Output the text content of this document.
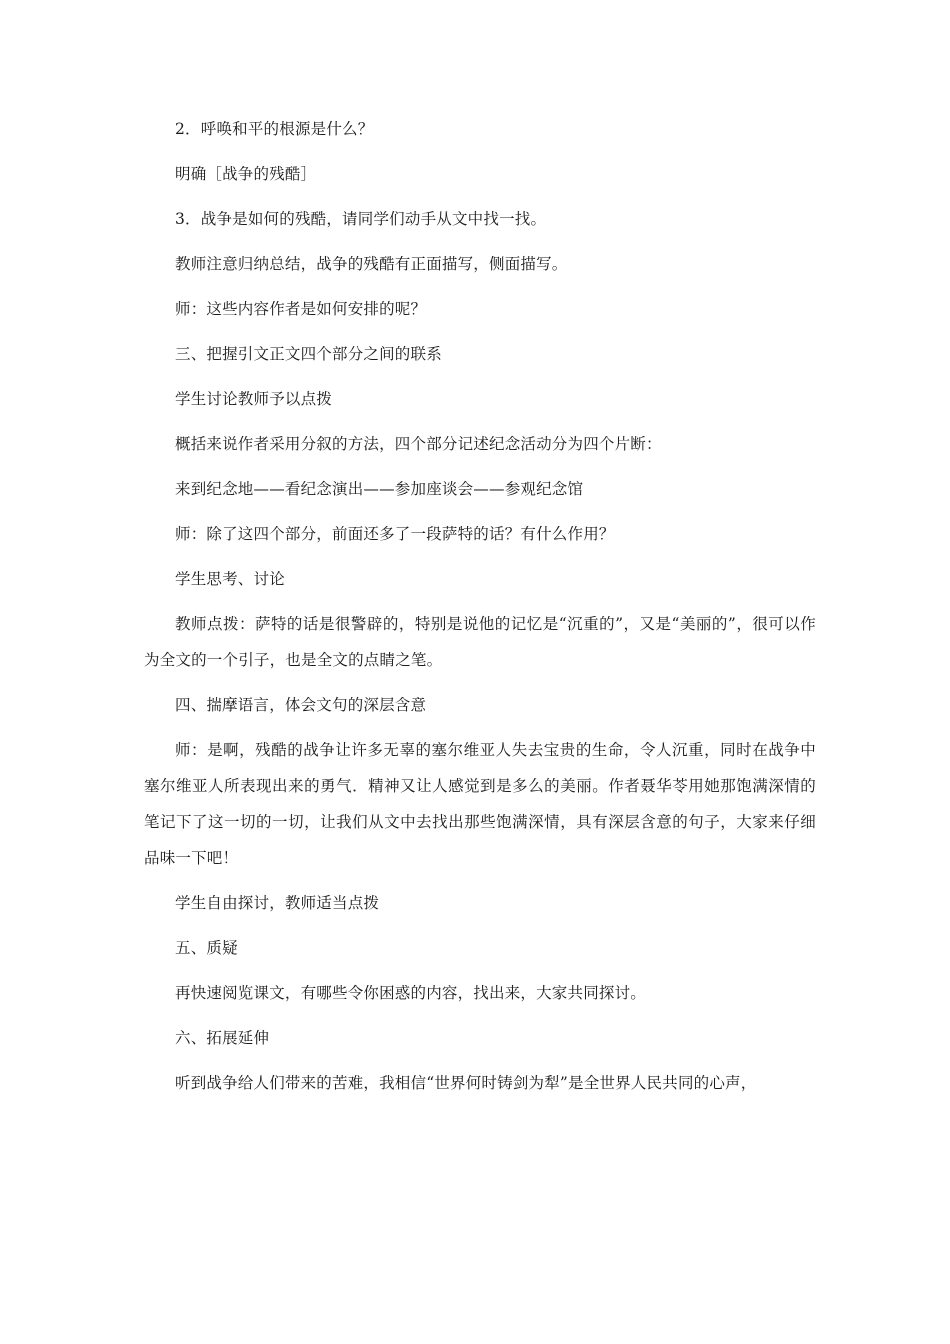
2．呼唤和平的根源是什么？

明确［战争的残酷］

3．战争是如何的残酷，请同学们动手从文中找一找。

教师注意归纳总结，战争的残酷有正面描写，侧面描写。

师：这些内容作者是如何安排的呢？

三、把握引文正文四个部分之间的联系

学生讨论教师予以点拨

概括来说作者采用分叙的方法，四个部分记述纪念活动分为四个片断：

来到纪念地——看纪念演出——参加座谈会——参观纪念馆

师：除了这四个部分，前面还多了一段萨特的话？有什么作用？

学生思考、讨论

教师点拨：萨特的话是很警辟的，特别是说他的记忆是“沉重的”，又是“美丽的”，很可以作为全文的一个引子，也是全文的点睛之笔。

四、揣摩语言，体会文句的深层含意

师：是啊，残酷的战争让许多无辜的塞尔维亚人失去宝贵的生命，令人沉重，同时在战争中塞尔维亚人所表现出来的勇气．精神又让人感觉到是多么的美丽。作者聂华苓用她那饱满深情的笔记下了这一切的一切，让我们从文中去找出那些饱满深情，具有深层含意的句子，大家来仔细品味一下吧！

学生自由探讨，教师适当点拨

五、质疑

再快速阅览课文，有哪些令你困惑的内容，找出来，大家共同探讨。

六、拓展延伸

听到战争给人们带来的苦难，我相信“世界何时铸剑为犁”是全世界人民共同的心声，
